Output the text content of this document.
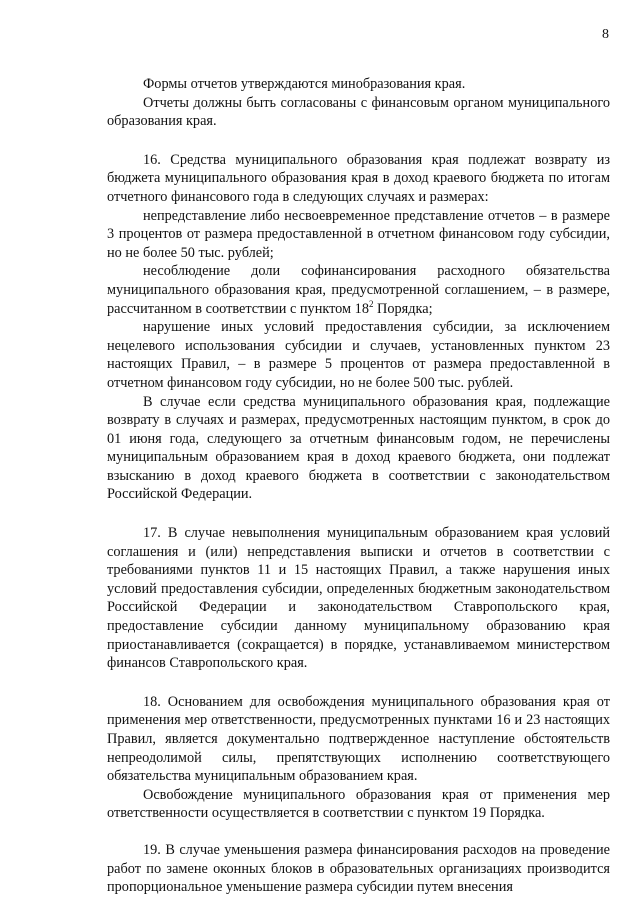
8

Формы отчетов утверждаются минобразования края.

Отчеты должны быть согласованы с финансовым органом муниципального образования края.

16. Средства муниципального образования края подлежат возврату из бюджета муниципального образования края в доход краевого бюджета по итогам отчетного финансового года в следующих случаях и размерах:

непредставление либо несвоевременное представление отчетов – в размере 3 процентов от размера предоставленной в отчетном финансовом году субсидии, но не более 50 тыс. рублей;

несоблюдение доли софинансирования расходного обязательства муниципального образования края, предусмотренной соглашением, – в размере, рассчитанном в соответствии с пунктом $18^2$ Порядка;

нарушение иных условий предоставления субсидии, за исключением нецелевого использования субсидии и случаев, установленных пунктом 23 настоящих Правил, – в размере 5 процентов от размера предоставленной в отчетном финансовом году субсидии, но не более 500 тыс. рублей.

В случае если средства муниципального образования края, подлежащие возврату в случаях и размерах, предусмотренных настоящим пунктом, в срок до 01 июня года, следующего за отчетным финансовым годом, не перечислены муниципальным образованием края в доход краевого бюджета, они подлежат взысканию в доход краевого бюджета в соответствии с законодательством Российской Федерации.

17. В случае невыполнения муниципальным образованием края условий соглашения и (или) непредставления выписки и отчетов в соответствии с требованиями пунктов 11 и 15 настоящих Правил, а также нарушения иных условий предоставления субсидии, определенных бюджетным законодательством Российской Федерации и законодательством Ставропольского края, предоставление субсидии данному муниципальному образованию края приостанавливается (сокращается) в порядке, устанавливаемом министерством финансов Ставропольского края.

18. Основанием для освобождения муниципального образования края от применения мер ответственности, предусмотренных пунктами 16 и 23 настоящих Правил, является документально подтвержденное наступление обстоятельств непреодолимой силы, препятствующих исполнению соответствующего обязательства муниципальным образованием края.

Освобождение муниципального образования края от применения мер ответственности осуществляется в соответствии с пунктом 19 Порядка.

19. В случае уменьшения размера финансирования расходов на проведение работ по замене оконных блоков в образовательных организациях производится пропорциональное уменьшение размера субсидии путем внесения
